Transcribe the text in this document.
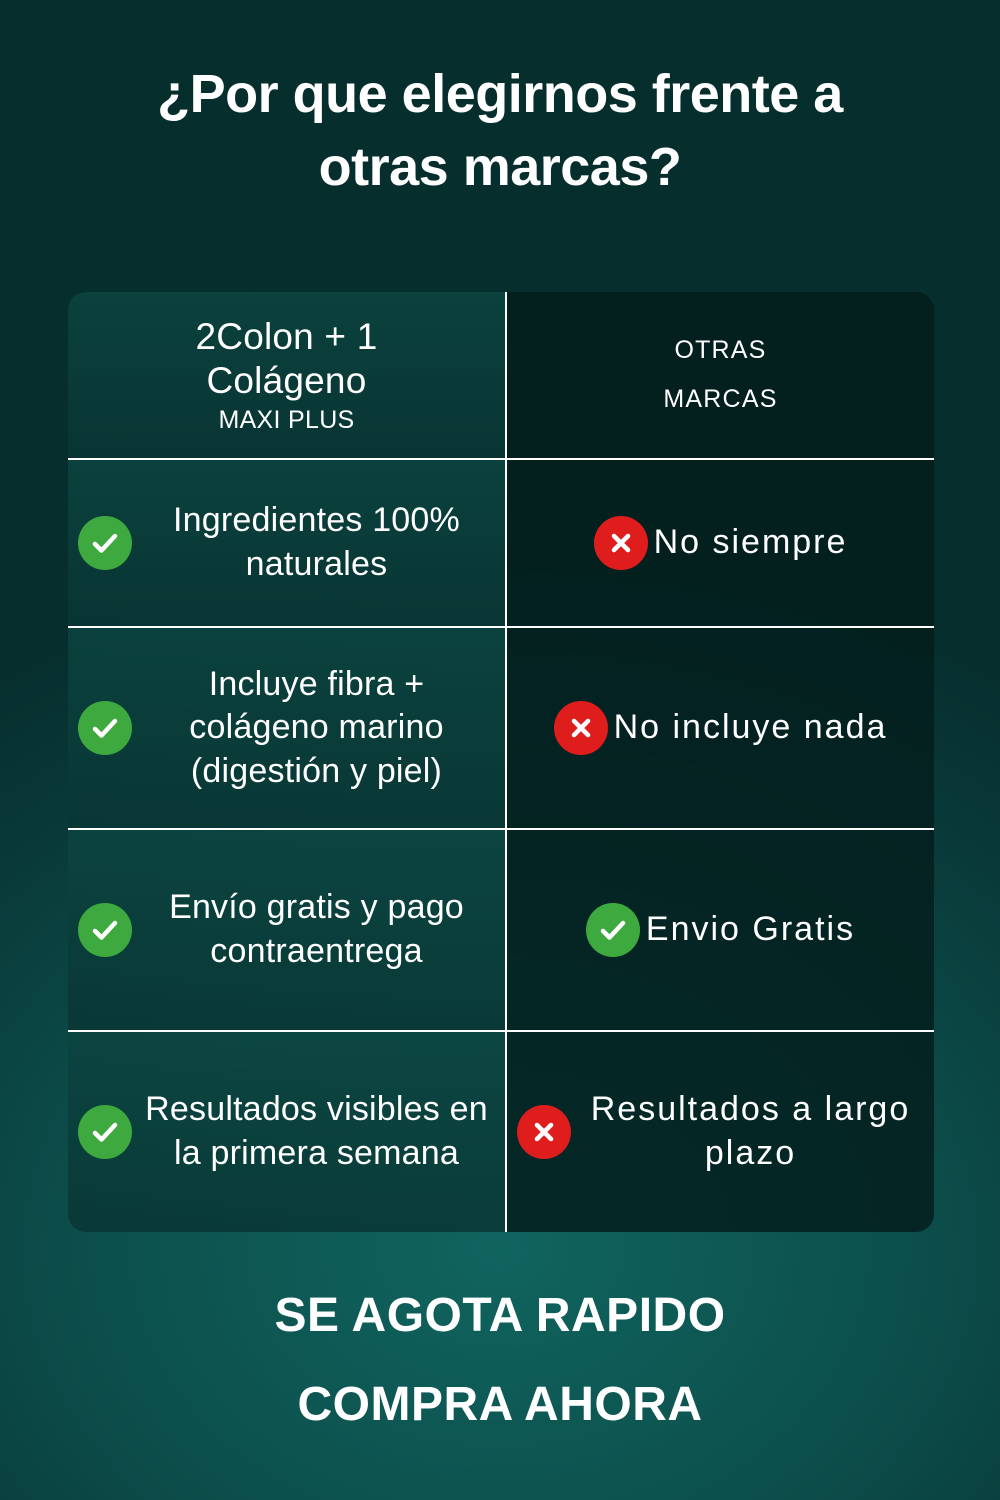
¿Por que elegirnos frente a
otras marcas?
2Colon + 1
Colágeno
MAXI PLUS
OTRAS
MARCAS
Ingredientes 100% naturales
No siempre
Incluye fibra + colágeno marino (digestión y piel)
No incluye nada
Envío gratis y pago contraentrega
Envio Gratis
Resultados visibles en la primera semana
Resultados a largo plazo
SE AGOTA RAPIDO
COMPRA AHORA
